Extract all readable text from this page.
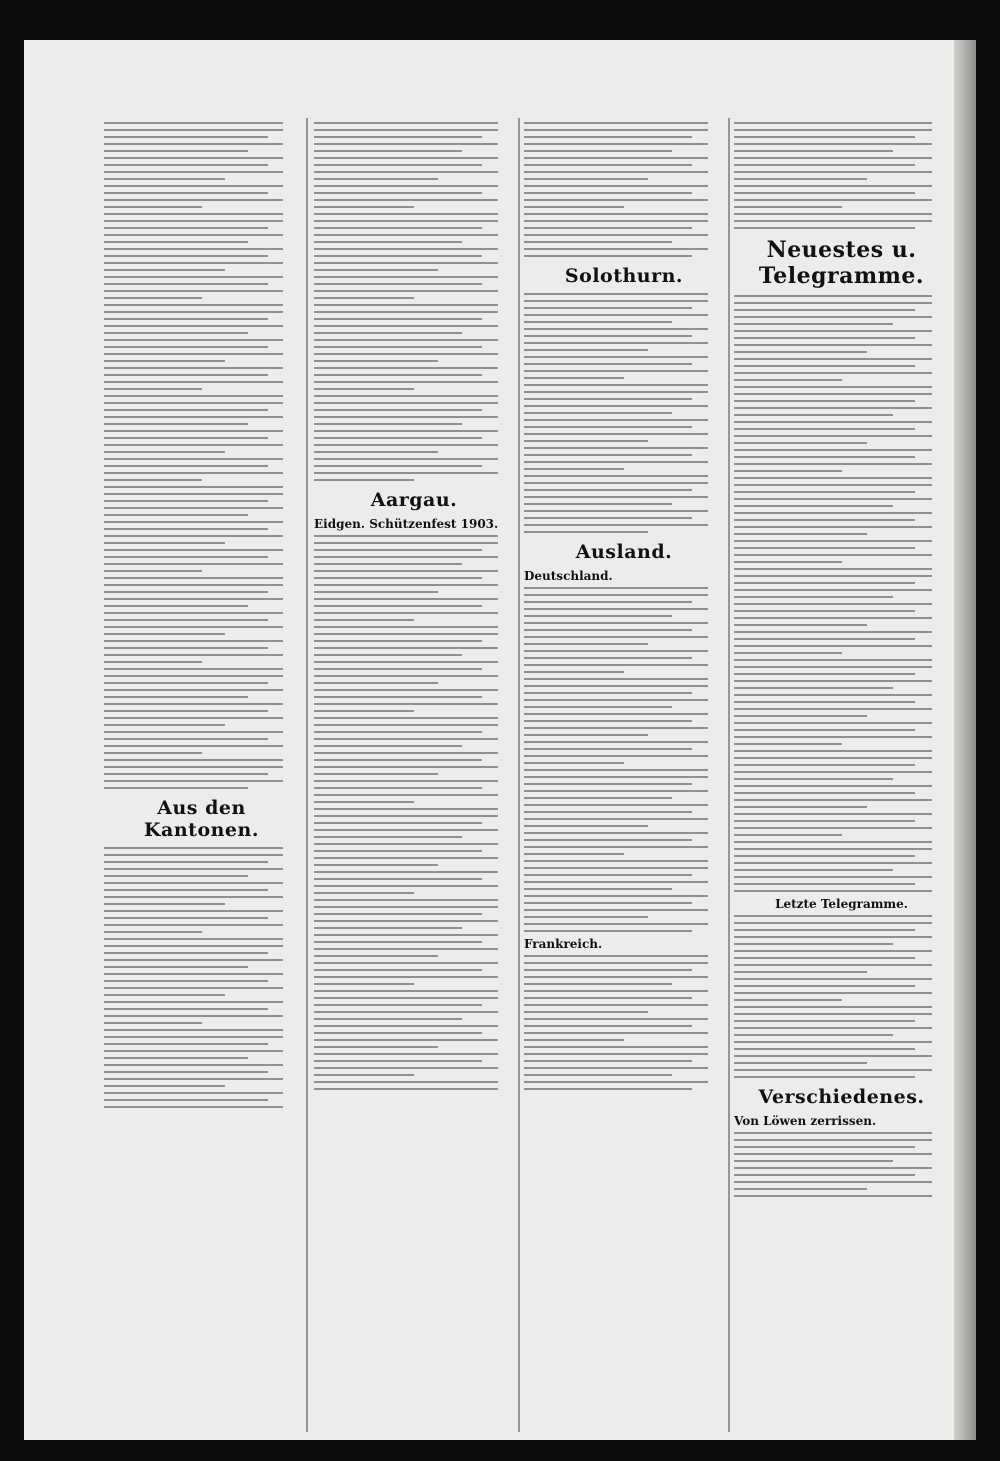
Aus den Kantonen.
Aargau.
Eidgen. Schützenfest 1903.
Solothurn.
Ausland.
Deutschland.
Frankreich.
Neuestes u. Telegramme.
Letzte Telegramme.
Verschiedenes.
Von Löwen zerrissen.
